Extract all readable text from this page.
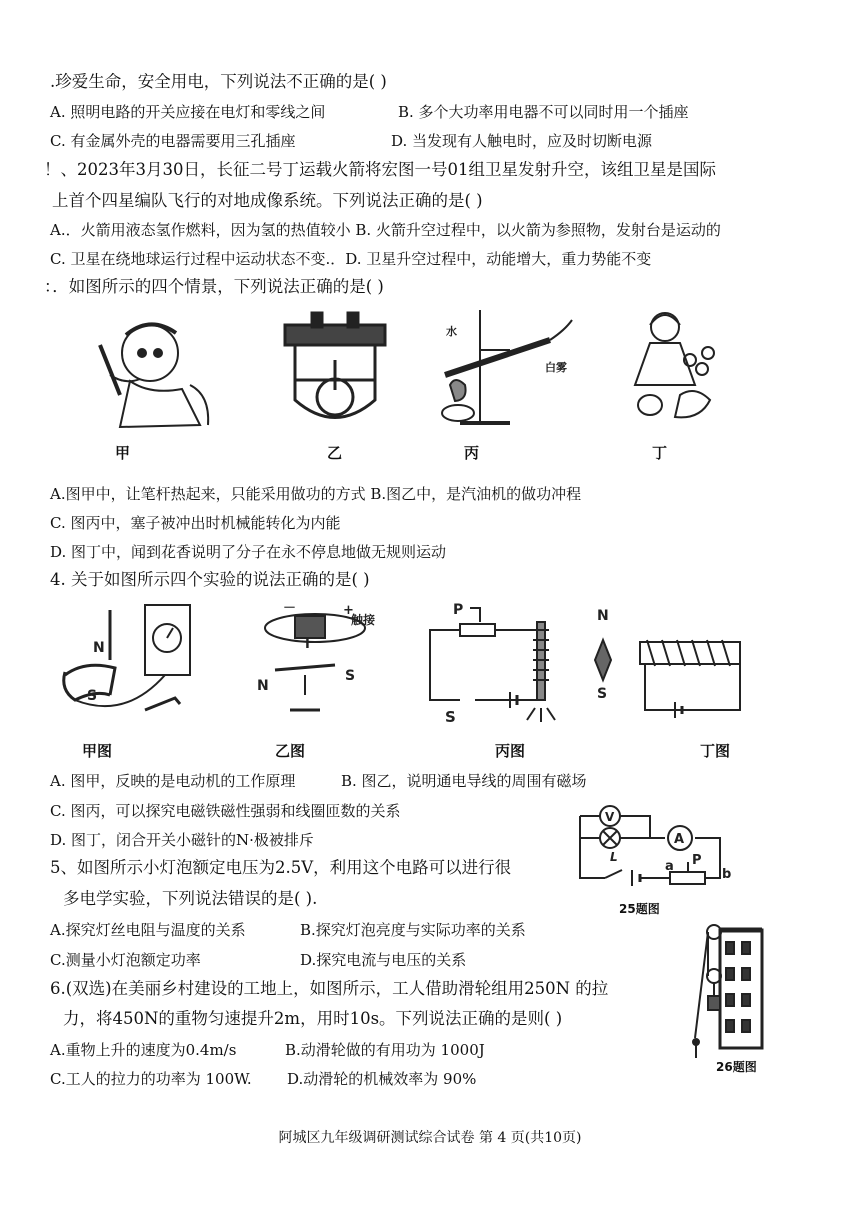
.珍爱生命，安全用电，下列说法不正确的是( )
A. 照明电路的开关应接在电灯和零线之间	B. 多个大功率用电器不可以同时用一个插座
C. 有金属外壳的电器需要用三孔插座	D. 当发现有人触电时，应及时切断电源
！、2023年3月30日，长征二号丁运载火箭将宏图一号01组卫星发射升空，该组卫星是国际
上首个四星编队飞行的对地成像系统。下列说法正确的是( )
A.．火箭用液态氢作燃料，因为氢的热值较小 B. 火箭升空过程中，以火箭为参照物，发射台是运动的
C. 卫星在绕地球运行过程中运动状态不变.．D. 卫星升空过程中，动能增大，重力势能不变
：．如图所示的四个情景，下列说法正确的是( )
水
白雾
甲	乙	丙	丁
A.图甲中，让笔杆热起来，只能采用做功的方式 B.图乙中，是汽油机的做功冲程
C. 图丙中，塞子被冲出时机械能转化为内能
D. 图丁中，闻到花香说明了分子在永不停息地做无规则运动
4. 关于如图所示四个实验的说法正确的是( )
N
S
－	+
触接
I
N
S
P
S
N
S
甲图	乙图	丙图	丁图
A. 图甲，反映的是电动机的工作原理	B. 图乙，说明通电导线的周围有磁场
C. 图丙，可以探究电磁铁磁性强弱和线圈匝数的关系
D. 图丁，闭合开关小磁针的N·极被排斥
V
A
L
a P
b
25题图
5、如图所示小灯泡额定电压为2.5V，利用这个电路可以进行很
多电学实验，下列说法错误的是( ).
A.探究灯丝电阻与温度的关系	B.探究灯泡亮度与实际功率的关系
C.测量小灯泡额定功率	D.探究电流与电压的关系
26题图
6.(双选)在美丽乡村建设的工地上，如图所示，工人借助滑轮组用250N 的拉
力，将450N的重物匀速提升2m，用时10s。下列说法正确的是则( )
A.重物上升的速度为0.4m/s	B.动滑轮做的有用功为 1000J
C.工人的拉力的功率为 100W. D.动滑轮的机械效率为 90%
阿城区九年级调研测试综合试卷 第 4 页(共10页)
